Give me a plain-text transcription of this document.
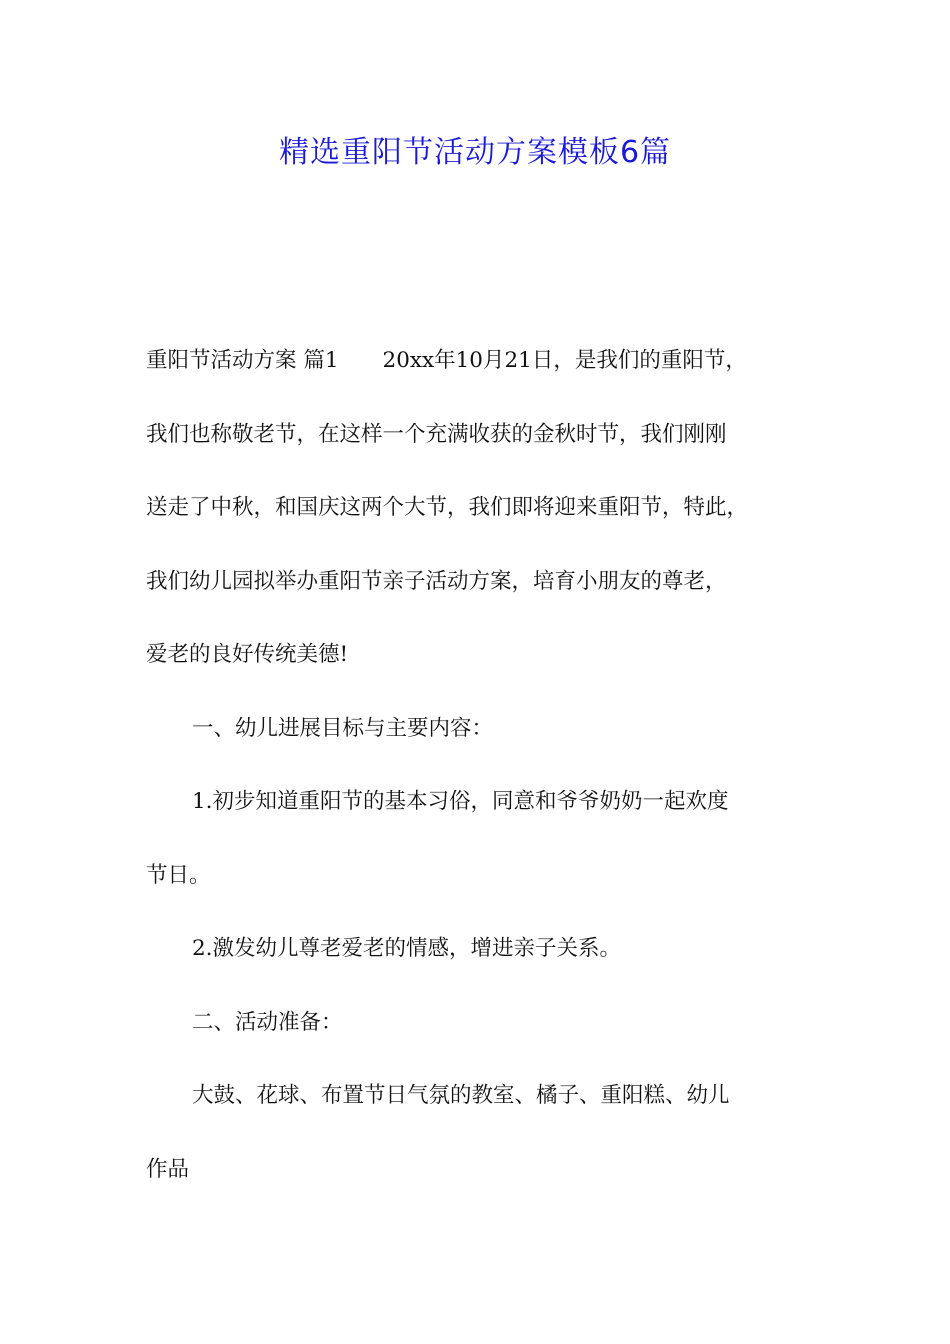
精选重阳节活动方案模板6篇
重阳节活动方案 篇1 20xx年10月21日，是我们的重阳节，
我们也称敬老节，在这样一个充满收获的金秋时节，我们刚刚
送走了中秋，和国庆这两个大节，我们即将迎来重阳节，特此，
我们幼儿园拟举办重阳节亲子活动方案，培育小朋友的尊老，
爱老的良好传统美德!
一、幼儿进展目标与主要内容：
1.初步知道重阳节的基本习俗，同意和爷爷奶奶一起欢度
节日。
2.激发幼儿尊老爱老的情感，增进亲子关系。
二、活动准备：
大鼓、花球、布置节日气氛的教室、橘子、重阳糕、幼儿
作品
